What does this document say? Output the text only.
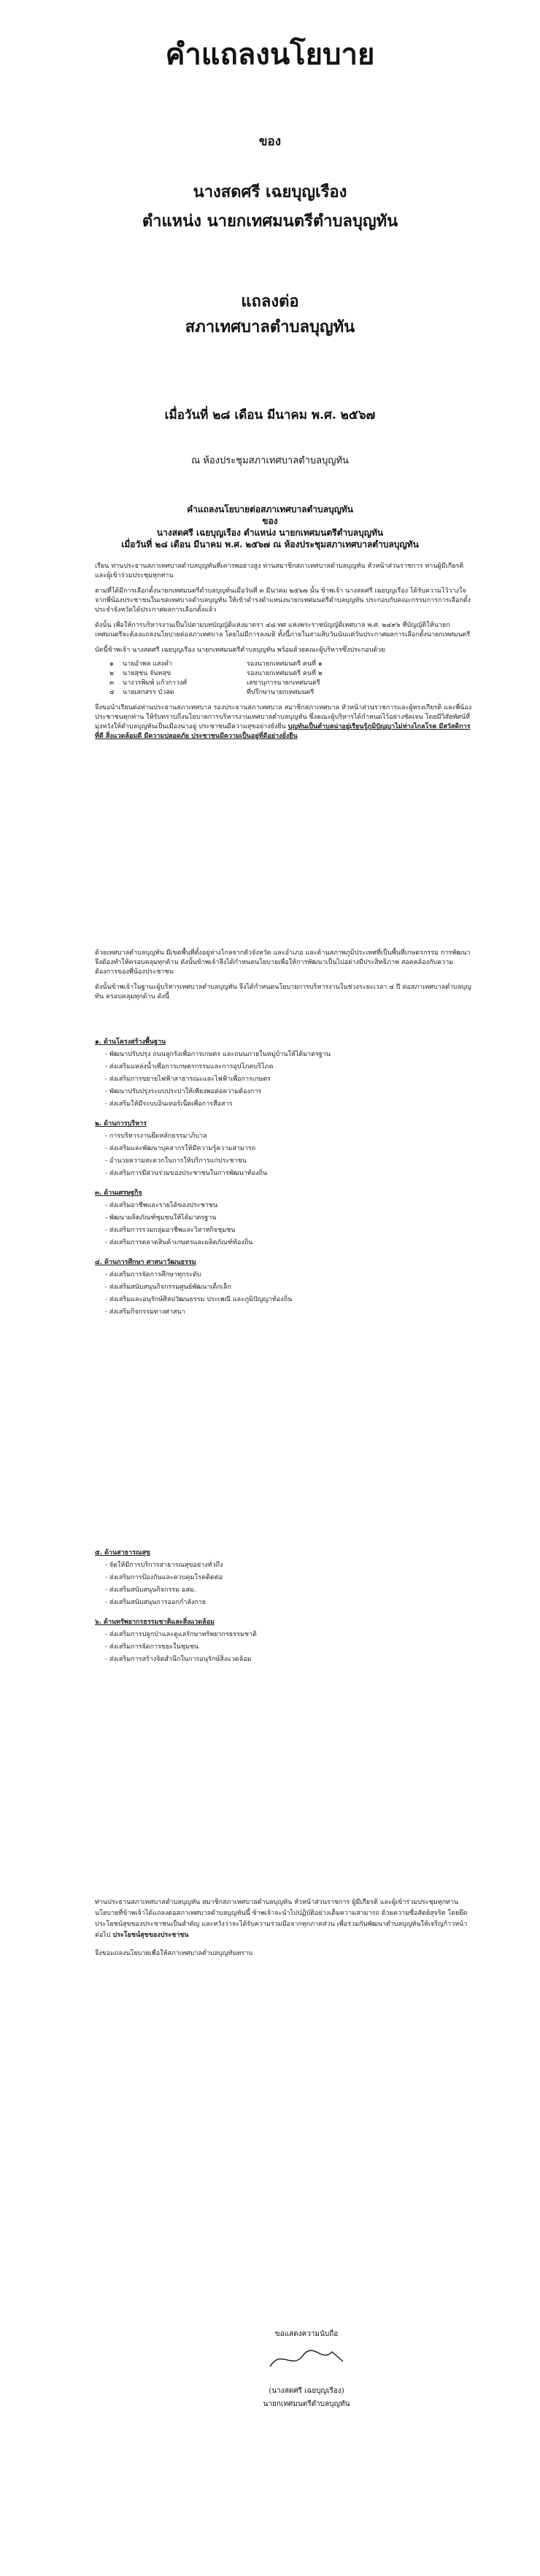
คำแถลงนโยบาย
ของ
นางสดศรี เฉยบุญเรือง
ตำแหน่ง นายกเทศมนตรีตำบลบุญทัน
แถลงต่อ
สภาเทศบาลตำบลบุญทัน
เมื่อวันที่ ๒๘ เดือน มีนาคม พ.ศ. ๒๕๖๗
ณ ห้องประชุมสภาเทศบาลตำบลบุญทัน
คำแถลงนโยบายต่อสภาเทศบาลตำบลบุญทัน
ของ
นางสดศรี เฉยบุญเรือง ตำแหน่ง นายกเทศมนตรีตำบลบุญทัน
เมื่อวันที่ ๒๘ เดือน มีนาคม พ.ศ. ๒๕๖๗ ณ ห้องประชุมสภาเทศบาลตำบลบุญทัน

เรียน ท่านประธานสภาเทศบาลตำบลบุญทันที่เคารพอย่างสูง ท่านสมาชิกสภาเทศบาลตำบลบุญทัน หัวหน้าส่วนราชการ ท่านผู้มีเกียรติ และผู้เข้าร่วมประชุมทุกท่าน

ตามที่ได้มีการเลือกตั้งนายกเทศมนตรีตำบลบุญทันเมื่อวันที่ ๓ มีนาคม ๒๕๖๗ นั้น ข้าพเจ้า นางสดศรี เฉยบุญเรือง ได้รับความไว้วางใจจากพี่น้องประชาชนในเขตเทศบาลตำบลบุญทัน ให้เข้าดำรงตำแหน่งนายกเทศมนตรีตำบลบุญทัน ประกอบกับคณะกรรมการการเลือกตั้งประจำจังหวัดได้ประกาศผลการเลือกตั้งแล้ว

ดังนั้น เพื่อให้การบริหารงานเป็นไปตามบทบัญญัติแห่งมาตรา ๔๘ ทศ แห่งพระราชบัญญัติเทศบาล พ.ศ. ๒๔๙๖ ที่บัญญัติให้นายกเทศมนตรีจะต้องแถลงนโยบายต่อสภาเทศบาล โดยไม่มีการลงมติ ทั้งนี้ภายในสามสิบวันนับแต่วันประกาศผลการเลือกตั้งนายกเทศมนตรี

บัดนี้ข้าพเจ้า นางสดศรี เฉยบุญเรือง นายกเทศมนตรีตำบลบุญทัน พร้อมด้วยคณะผู้บริหารซึ่งประกอบด้วย

๑	นายอำพล แสงคำ	รองนายกเทศมนตรี คนที่ ๑
๒	นายสุชน จันทสุข	รองนายกเทศมนตรี คนที่ ๒
๓	นางวรพิมพ์ แก้วกาวงศ์	เลขานุการนายกเทศมนตรี
๔	นายเสกสรร บัวสด	ที่ปรึกษานายกเทศมนตรี

จึงขอนำเรียนต่อท่านประธานสภาเทศบาล รองประธานสภาเทศบาล สมาชิกสภาเทศบาล หัวหน้าส่วนราชการและผู้ทรงเกียรติ และพี่น้องประชาชนทุกท่าน ให้รับทราบถึงนโยบายการบริหารงานเทศบาลตำบลบุญทัน ซึ่งคณะผู้บริหารได้กำหนดไว้อย่างชัดเจน โดยมีวิสัยทัศน์ที่มุ่งหวังให้ตำบลบุญทันเป็นเมืองน่าอยู่ ประชาชนมีความสุขอย่างยั่งยืน บุญทันเป็นตำบลน่าอยู่เรียนรู้ภูมิปัญญาไม่ห่างไกลโรค มีสวัสดิการที่ดี สิ่งแวดล้อมดี มีความปลอดภัย ประชาชนมีความเป็นอยู่ที่ดีอย่างยั่งยืน

ด้วยเทศบาลตำบลบุญทัน มีเขตพื้นที่ตั้งอยู่ห่างไกลจากตัวจังหวัด และอำเภอ และด้านสภาพภูมิประเทศที่เป็นพื้นที่เกษตรกรรม การพัฒนาจึงต้องทำให้ครอบคลุมทุกด้าน ดังนั้นข้าพเจ้าจึงได้กำหนดนโยบายเพื่อให้การพัฒนาเป็นไปอย่างมีประสิทธิภาพ สอดคล้องกับความต้องการของพี่น้องประชาชน

ดังนั้นข้าพเจ้าในฐานะผู้บริหารเทศบาลตำบลบุญทัน จึงได้กำหนดนโยบายการบริหารงานในช่วงระยะเวลา ๔ ปี ต่อสภาเทศบาลตำบลบุญทัน ครอบคลุมทุกด้าน ดังนี้

๑. ด้านโครงสร้างพื้นฐาน
- พัฒนาปรับปรุง ถนนลูกรังเพื่อการเกษตร และถนนภายในหมู่บ้านให้ได้มาตรฐาน
- ส่งเสริมแหล่งน้ำเพื่อการเกษตรกรรมและการอุปโภคบริโภค
- ส่งเสริมการขยายไฟฟ้าสาธารณะและไฟฟ้าเพื่อการเกษตร
- พัฒนาปรับปรุงระบบประปาให้เพียงพอต่อความต้องการ
- ส่งเสริมให้มีระบบอินเทอร์เน็ตเพื่อการสื่อสาร
๒. ด้านการบริหาร
- การบริหารงานยึดหลักธรรมาภิบาล
- ส่งเสริมและพัฒนาบุคลากรให้มีความรู้ความสามารถ
- อำนวยความสะดวกในการให้บริการแก่ประชาชน
- ส่งเสริมการมีส่วนร่วมของประชาชนในการพัฒนาท้องถิ่น
๓. ด้านเศรษฐกิจ
- ส่งเสริมอาชีพและรายได้ของประชาชน
- พัฒนาผลิตภัณฑ์ชุมชนให้ได้มาตรฐาน
- ส่งเสริมการรวมกลุ่มอาชีพและวิสาหกิจชุมชน
- ส่งเสริมการตลาดสินค้าเกษตรและผลิตภัณฑ์ท้องถิ่น
๔. ด้านการศึกษา ศาสนาวัฒนธรรม
- ส่งเสริมการจัดการศึกษาทุกระดับ
- ส่งเสริมสนับสนุนกิจกรรมศูนย์พัฒนาเด็กเล็ก
- ส่งเสริมและอนุรักษ์ศิลปวัฒนธรรม ประเพณี และภูมิปัญญาท้องถิ่น
- ส่งเสริมกิจกรรมทางศาสนา
๕. ด้านสาธารณสุข
- จัดให้มีการบริการสาธารณสุขอย่างทั่วถึง
- ส่งเสริมการป้องกันและควบคุมโรคติดต่อ
- ส่งเสริมสนับสนุนกิจกรรม อสม.
- ส่งเสริมสนับสนุนการออกกำลังกาย
๖. ด้านทรัพยากรธรรมชาติและสิ่งแวดล้อม
- ส่งเสริมการปลูกป่าและดูแลรักษาทรัพยากรธรรมชาติ
- ส่งเสริมการจัดการขยะในชุมชน
- ส่งเสริมการสร้างจิตสำนึกในการอนุรักษ์สิ่งแวดล้อม

ท่านประธานสภาเทศบาลตำบลบุญทัน สมาชิกสภาเทศบาลตำบลบุญทัน หัวหน้าส่วนราชการ ผู้มีเกียรติ และผู้เข้าร่วมประชุมทุกท่าน นโยบายที่ข้าพเจ้าได้แถลงต่อสภาเทศบาลตำบลบุญทันนี้ ข้าพเจ้าจะนำไปปฏิบัติอย่างเต็มความสามารถ ด้วยความซื่อสัตย์สุจริต โดยยึดประโยชน์สุขของประชาชนเป็นสำคัญ และหวังว่าจะได้รับความร่วมมือจากทุกภาคส่วน เพื่อร่วมกันพัฒนาตำบลบุญทันให้เจริญก้าวหน้าต่อไป ประโยชน์สุขของประชาชน

จึงขอแถลงนโยบายเพื่อให้สภาเทศบาลตำบลบุญทันทราบ

ขอแสดงความนับถือ
(นางสดศรี เฉยบุญเรือง)
นายกเทศมนตรีตำบลบุญทัน
